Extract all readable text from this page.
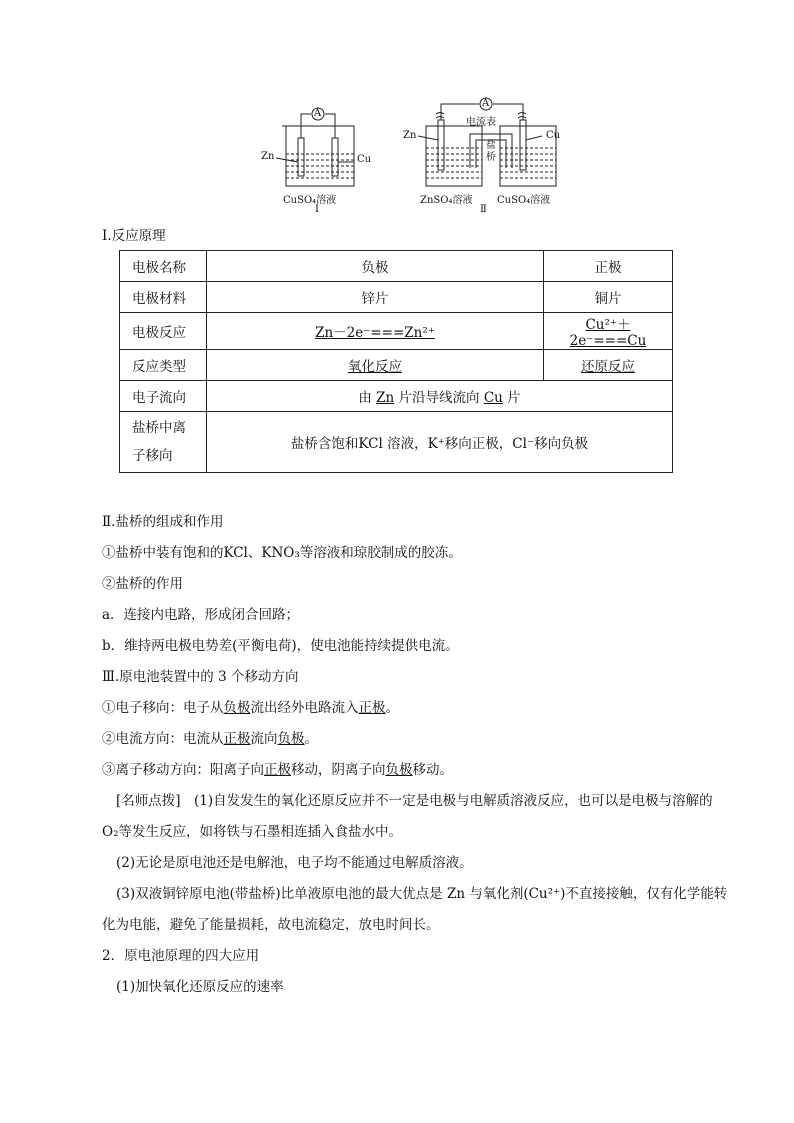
A
Zn	Cu
CuSO₄溶液
Ⅰ
A
电流表
盐
桥
Zn	Cu
ZnSO₄溶液 CuSO₄溶液
Ⅱ
Ⅰ.反应原理
电极名称	负极	正极
电极材料	锌片	铜片
电极反应	Zn－2e⁻===Zn²⁺	Cu²⁺＋2e⁻===Cu
反应类型	氧化反应	还原反应
电子流向	由 Zn 片沿导线流向 Cu 片	
盐桥中离
子移向	盐桥含饱和KCl 溶液，K⁺移向正极，Cl⁻移向负极	
Ⅱ.盐桥的组成和作用
①盐桥中装有饱和的KCl、KNO₃等溶液和琼胶制成的胶冻。
②盐桥的作用
a．连接内电路，形成闭合回路；
b．维持两电极电势差(平衡电荷)，使电池能持续提供电流。
Ⅲ.原电池装置中的 3 个移动方向
①电子移向：电子从负极流出经外电路流入正极。
②电流方向：电流从正极流向负极。
③离子移动方向：阳离子向正极移动，阴离子向负极移动。
[名师点拨]　(1)自发发生的氧化还原反应并不一定是电极与电解质溶液反应，也可以是电极与溶解的
O₂等发生反应，如将铁与石墨相连插入食盐水中。
(2)无论是原电池还是电解池，电子均不能通过电解质溶液。
(3)双液铜锌原电池(带盐桥)比单液原电池的最大优点是 Zn 与氧化剂(Cu²⁺)不直接接触，仅有化学能转
化为电能，避免了能量损耗，故电流稳定，放电时间长。
2．原电池原理的四大应用
(1)加快氧化还原反应的速率
